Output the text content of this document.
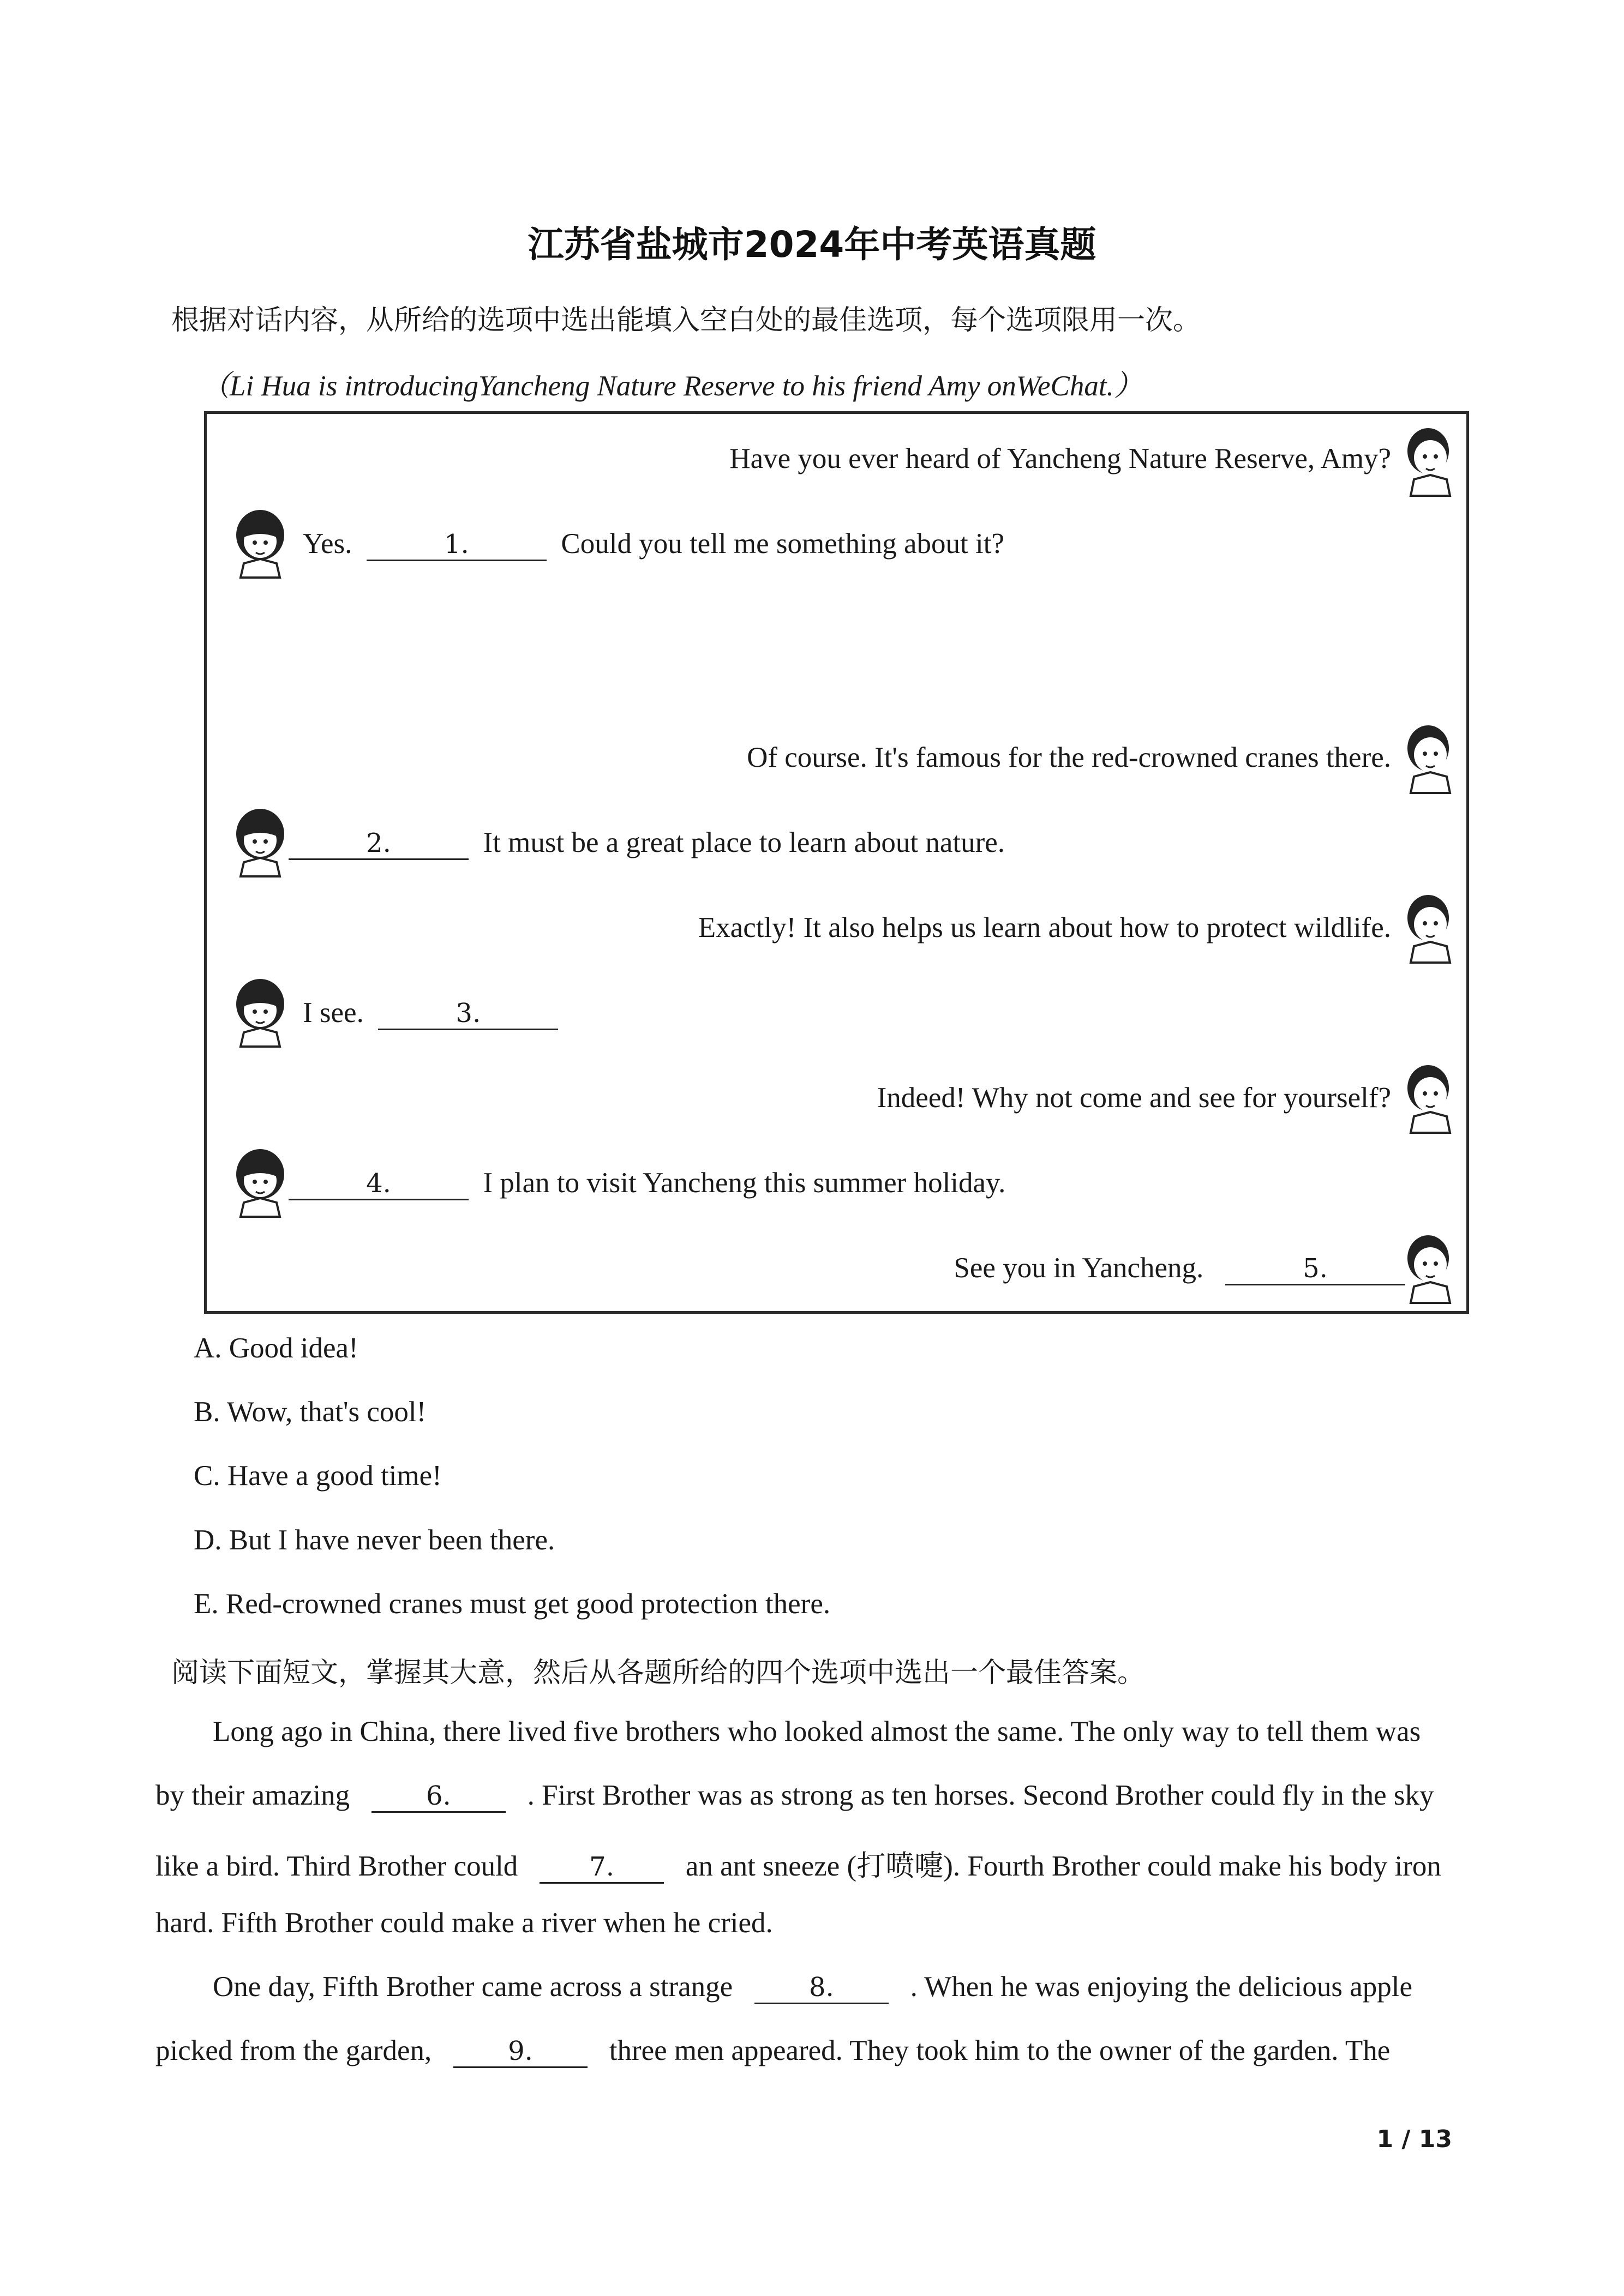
江苏省盐城市2024年中考英语真题
根据对话内容，从所给的选项中选出能填入空白处的最佳选项，每个选项限用一次。
（Li Hua is introducingYancheng Nature Reserve to his friend Amy onWeChat.）
Have you ever heard of Yancheng Nature Reserve, Amy?
Yes.	1.	Could you tell me something about it?
Of course. It's famous for the red-crowned cranes there.
2.	It must be a great place to learn about nature.
Exactly! It also helps us learn about how to protect wildlife.
I see.	3.
Indeed! Why not come and see for yourself?
4.	I plan to visit Yancheng this summer holiday.
See you in Yancheng.	5.
A. Good idea!
B. Wow, that's cool!
C. Have a good time!
D. But I have never been there.
E. Red-crowned cranes must get good protection there.
阅读下面短文，掌握其大意，然后从各题所给的四个选项中选出一个最佳答案。
Long ago in China, there lived five brothers who looked almost the same. The only way to tell them was
by their amazing	6.	. First Brother was as strong as ten horses. Second Brother could fly in the sky
like a bird. Third Brother could	7. an ant sneeze (打喷嚏). Fourth Brother could make his body iron
hard. Fifth Brother could make a river when he cried.
One day, Fifth Brother came across a strange	8.	. When he was enjoying the delicious apple
picked from the garden,	9.	three men appeared. They took him to the owner of the garden. The
1 / 13
